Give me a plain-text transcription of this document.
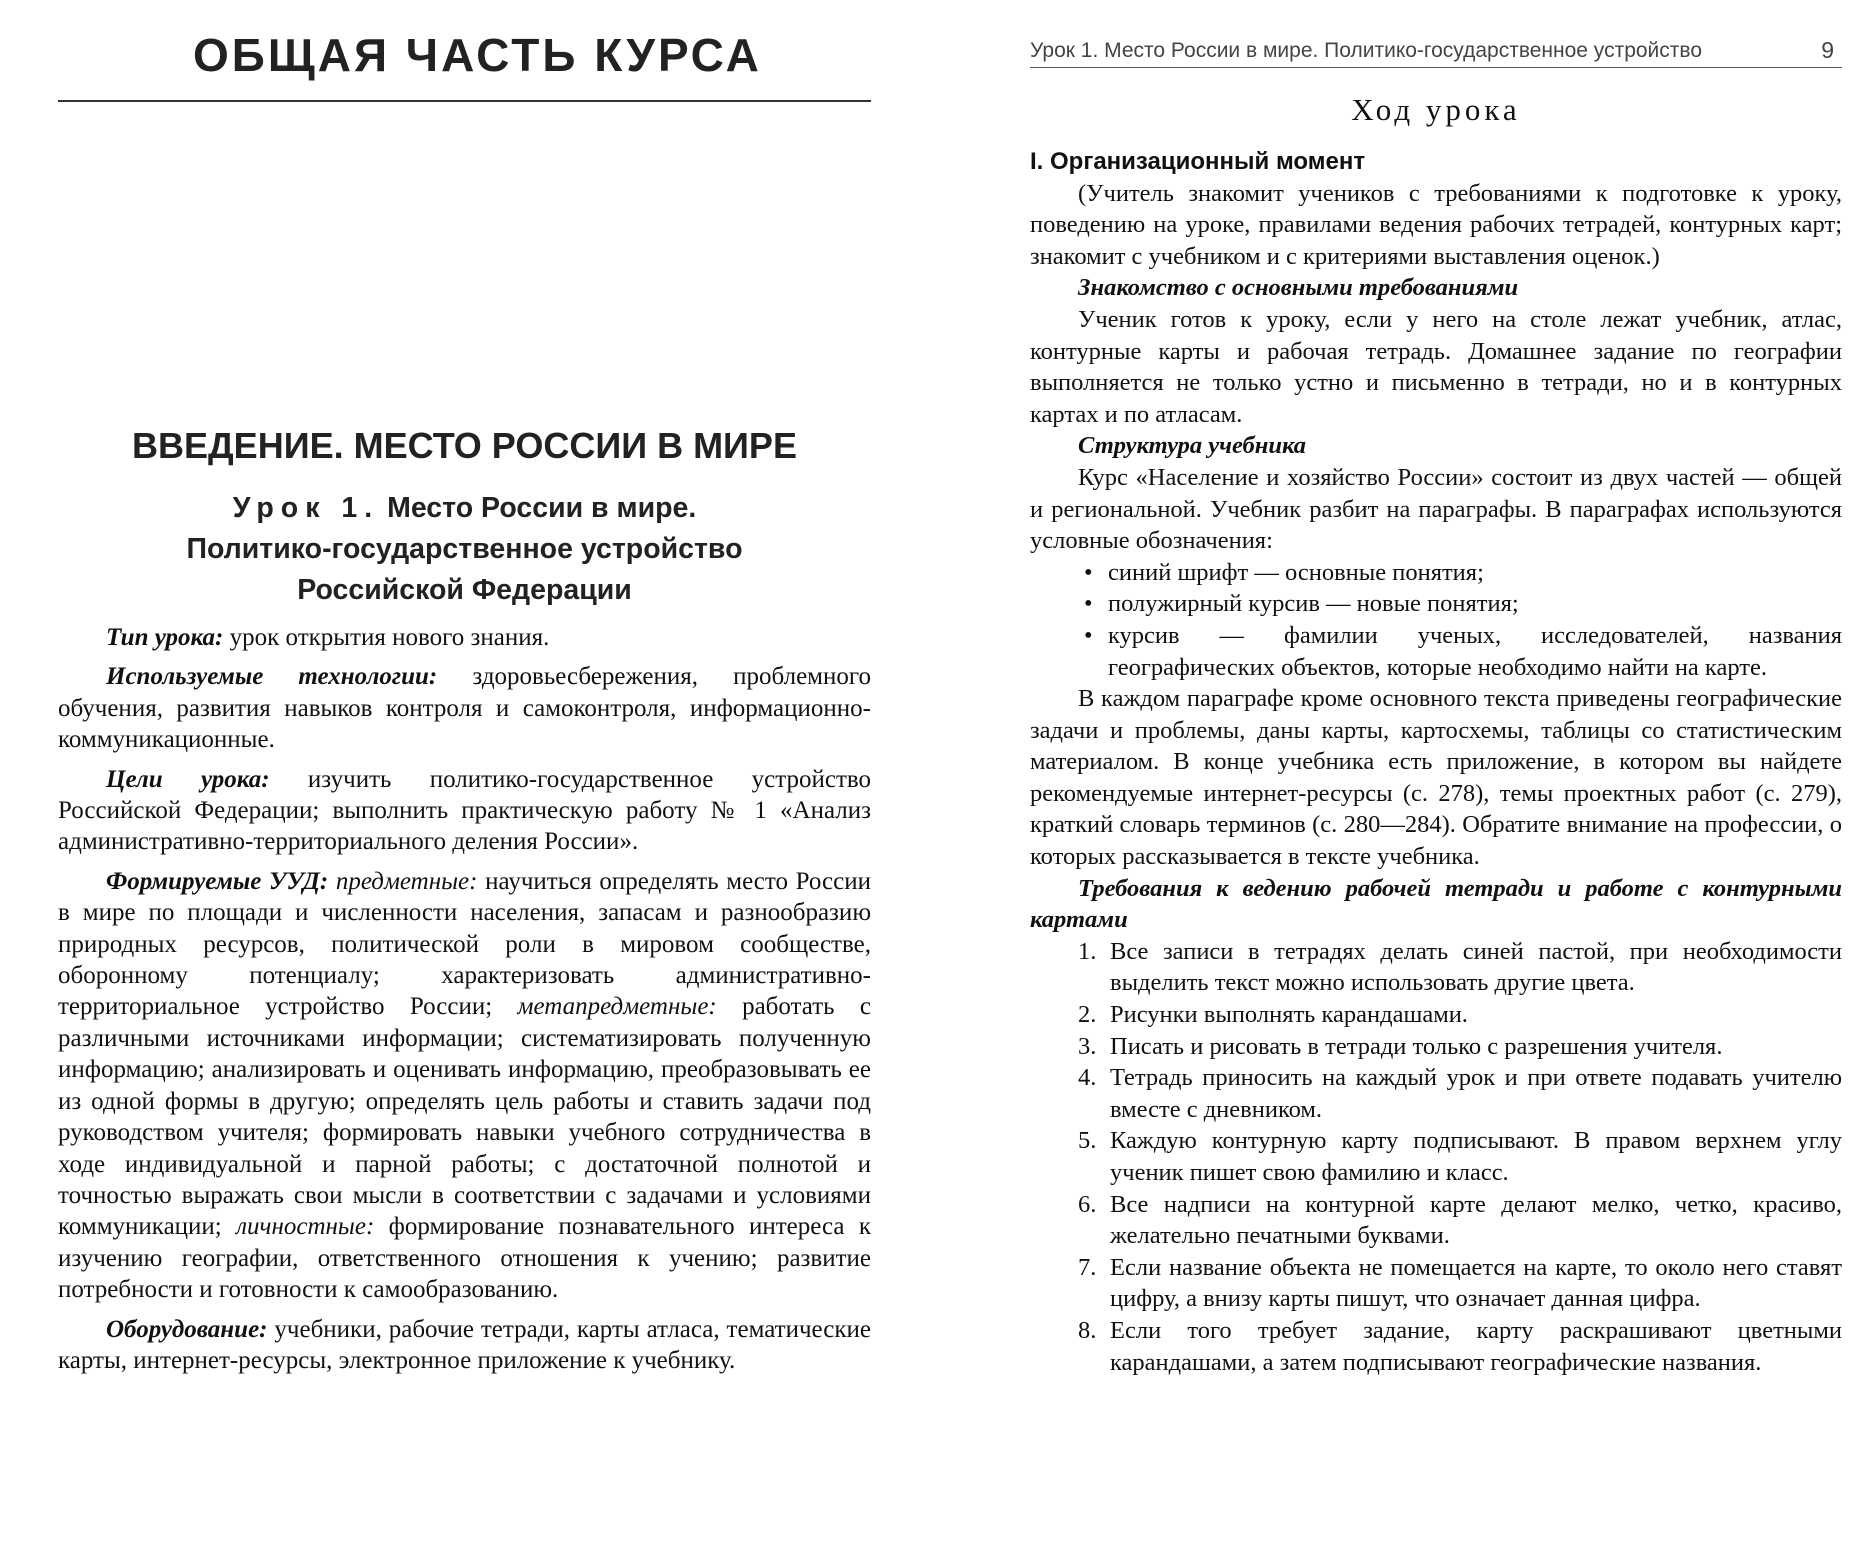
ОБЩАЯ ЧАСТЬ КУРСА
ВВЕДЕНИЕ. МЕСТО РОССИИ В МИРЕ
Урок 1. Место России в мире.
Политико-государственное устройство
Российской Федерации

Тип урока: урок открытия нового знания.

Используемые технологии: здоровьесбережения, проблемного обучения, развития навыков контроля и самоконтроля, информационно-коммуникационные.

Цели урока: изучить политико-государственное устройство Российской Федерации; выполнить практическую работу № 1 «Анализ административно-территориального деления России».

Формируемые УУД: предметные: научиться определять место России в мире по площади и численности населения, запасам и разнообразию природных ресурсов, политической роли в мировом сообществе, оборонному потенциалу; характеризовать административно-территориальное устройство России; метапредметные: работать с различными источниками информации; систематизировать полученную информацию; анализировать и оценивать информацию, преобразовывать ее из одной формы в другую; определять цель работы и ставить задачи под руководством учителя; формировать навыки учебного сотрудничества в ходе индивидуальной и парной работы; с достаточной полнотой и точностью выражать свои мысли в соответствии с задачами и условиями коммуникации; личностные: формирование познавательного интереса к изучению географии, ответственного отношения к учению; развитие потребности и готовности к самообразованию.

Оборудование: учебники, рабочие тетради, карты атласа, тематические карты, интернет-ресурсы, электронное приложение к учебнику.

Урок 1. Место России в мире. Политико-государственное устройство	9
Ход урока

I. Организационный момент

(Учитель знакомит учеников с требованиями к подготовке к уроку, поведению на уроке, правилами ведения рабочих тетрадей, контурных карт; знакомит с учебником и с критериями выставления оценок.)

Знакомство с основными требованиями

Ученик готов к уроку, если у него на столе лежат учебник, атлас, контурные карты и рабочая тетрадь. Домашнее задание по географии выполняется не только устно и письменно в тетради, но и в контурных картах и по атласам.

Структура учебника

Курс «Население и хозяйство России» состоит из двух частей — общей и региональной. Учебник разбит на параграфы. В параграфах используются условные обозначения:

• синий шрифт — основные понятия;
• полужирный курсив — новые понятия;
• курсив — фамилии ученых, исследователей, названия географических объектов, которые необходимо найти на карте.

В каждом параграфе кроме основного текста приведены географические задачи и проблемы, даны карты, картосхемы, таблицы со статистическим материалом. В конце учебника есть приложение, в котором вы найдете рекомендуемые интернет-ресурсы (с. 278), темы проектных работ (с. 279), краткий словарь терминов (с. 280—284). Обратите внимание на профессии, о которых рассказывается в тексте учебника.

Требования к ведению рабочей тетради и работе с контурными картами

1. Все записи в тетрадях делать синей пастой, при необходимости выделить текст можно использовать другие цвета.
2. Рисунки выполнять карандашами.
3. Писать и рисовать в тетради только с разрешения учителя.
4. Тетрадь приносить на каждый урок и при ответе подавать учителю вместе с дневником.
5. Каждую контурную карту подписывают. В правом верхнем углу ученик пишет свою фамилию и класс.
6. Все надписи на контурной карте делают мелко, четко, красиво, желательно печатными буквами.
7. Если название объекта не помещается на карте, то около него ставят цифру, а внизу карты пишут, что означает данная цифра.
8. Если того требует задание, карту раскрашивают цветными карандашами, а затем подписывают географические названия.
